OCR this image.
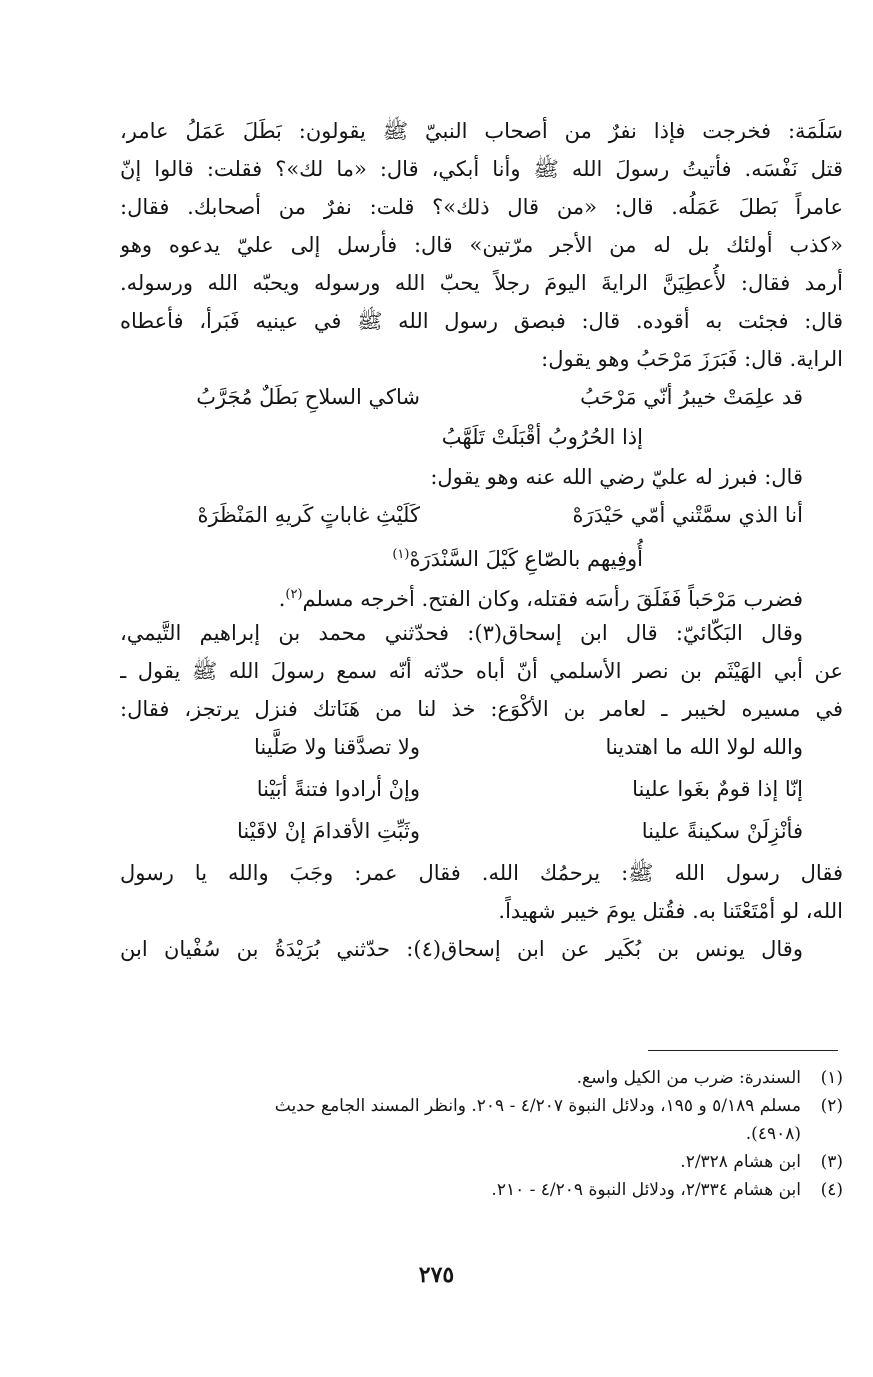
سَلَمَة: فخرجت فإذا نفرٌ من أصحاب النبيّ ﷺ يقولون: بَطَلَ عَمَلُ عامر،
قتل نَفْسَه. فأتيتُ رسولَ الله ﷺ وأنا أبكي، قال: «ما لك»؟ فقلت: قالوا إنّ
عامراً بَطلَ عَمَلُه. قال: «من قال ذلك»؟ قلت: نفرٌ من أصحابك. فقال:
«كذب أولئك بل له من الأجر مرّتين» قال: فأرسل إلى عليّ يدعوه وهو
أرمد فقال: لأُعطِيَنَّ الرايةَ اليومَ رجلاً يحبّ الله ورسوله ويحبّه الله ورسوله.
قال: فجئت به أقوده. قال: فبصق رسول الله ﷺ في عينيه فَبَرأ، فأعطاه
الراية. قال: فَبَرَزَ مَرْحَبُ وهو يقول:
قد علِمَتْ خيبرُ أنّي مَرْحَبُ
شاكي السلاحِ بَطَلٌ مُجَرَّبُ
إذا الحُرُوبُ أقْبَلَتْ تَلَهَّبُ
قال: فبرز له عليّ رضي الله عنه وهو يقول:
أنا الذي سمَّتْني أمّي حَيْدَرَهْ
كَلَيْثِ غاباتٍ كَريهِ المَنْظَرَهْ
أُوفِيهم بالصّاعِ كَيْلَ السَّنْدَرَهْ$^{(١)}$
فضرب مَرْحَباً فَفَلَقَ رأسَه فقتله، وكان الفتح. أخرجه مسلم$^{(٢)}$.
وقال البَكّائيّ: قال ابن إسحاق(٣): فحدّثني محمد بن إبراهيم التَّيمي،
عن أبي الهَيْثَم بن نصر الأسلمي أنّ أباه حدّثه أنّه سمع رسولَ الله ﷺ يقول ـ
في مسيره لخيبر ـ لعامر بن الأكْوَع: خذ لنا من هَنَاتك فنزل يرتجز، فقال:
والله لولا الله ما اهتدينا
ولا تصدَّقنا ولا صَلَّينا
إنّا إذا قومٌ بغَوا علينا
وإنْ أرادوا فتنةً أبَيْنا
فأنْزِلَنْ سكينةً علينا
وثَبِّتِ الأقدامَ إنْ لاقَيْنا
فقال رسول الله ﷺ: يرحمُك الله. فقال عمر: وجَبَ والله يا رسول
الله، لو أمْتَعْتَنا به. فقُتل يومَ خيبر شهيداً.
وقال يونس بن بُكَير عن ابن إسحاق(٤): حدّثني بُرَيْدَةُ بن سُفْيان ابن
(١)
السندرة: ضرب من الكيل واسع.
(٢)
مسلم ٥/١٨٩ و ١٩٥، ودلائل النبوة ٤/٢٠٧ - ٢٠٩. وانظر المسند الجامع حديث
(٤٩٠٨).
(٣)
ابن هشام ٢/٣٢٨.
(٤)
ابن هشام ٢/٣٣٤، ودلائل النبوة ٤/٢٠٩ - ٢١٠.
٢٧٥
